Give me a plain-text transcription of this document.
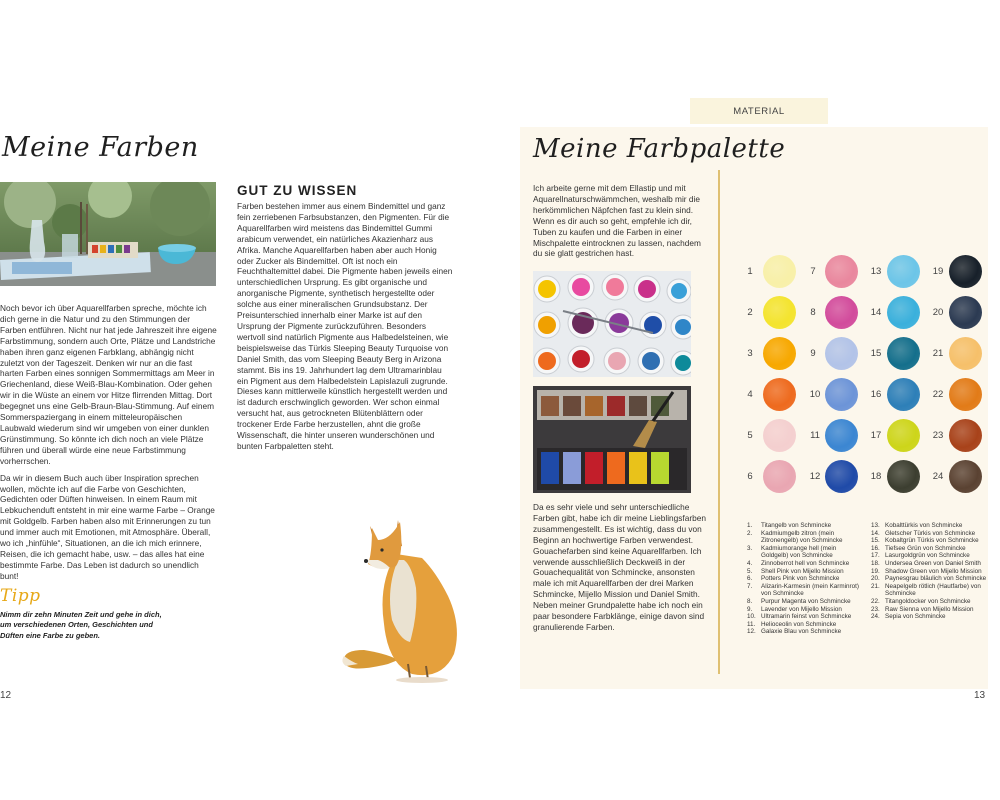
Meine Farben

Noch bevor ich über Aquarellfarben spreche, möchte ich dich gerne in die Natur und zu den Stimmungen der Farben entführen. Nicht nur hat jede Jahreszeit ihre eigene Farbstimmung, sondern auch Orte, Plätze und Landstriche haben ihren ganz eigenen Farbklang, abhängig nicht zuletzt von der Tageszeit. Denken wir nur an die fast harten Farben eines sonnigen Sommermittags am Meer in Griechenland, diese Weiß-Blau-Kombination. Oder gehen wir in die Wüste an einem vor Hitze flirrenden Mittag. Dort begegnet uns eine Gelb-Braun-Blau-Stimmung. Auf einem Sommerspaziergang in einem mitteleuropäischen Laubwald wiederum sind wir umgeben von einer dunklen Grünstimmung. So könnte ich dich noch an viele Plätze führen und überall würde eine neue Farbstimmung vorherrschen.

Da wir in diesem Buch auch über Inspiration sprechen wollen, möchte ich auf die Farbe von Geschichten, Gedichten oder Düften hinweisen. In einem Raum mit Lebkuchenduft entsteht in mir eine warme Farbe – Orange mit Goldgelb. Farben haben also mit Erinnerungen zu tun und immer auch mit Emotionen, mit Atmosphäre. Überall, wo ich „hinfühle“, Situationen, an die ich mich erinnere, Reisen, die ich gemacht habe, usw. – das alles hat eine bestimmte Farbe. Das Leben ist dadurch so unendlich bunt!

Tipp
Nimm dir zehn Minuten Zeit und gehe in dich, um verschiedenen Orten, Geschichten und Düften eine Farbe zu geben.
GUT ZU WISSEN
Farben bestehen immer aus einem Bindemittel und ganz fein zerriebenen Farbsubstanzen, den Pigmenten. Für die Aquarellfarben wird meistens das Bindemittel Gummi arabicum verwendet, ein natürliches Akazienharz aus Afrika. Manche Aquarellfarben haben aber auch Honig oder Zucker als Bindemittel. Oft ist noch ein Feuchthaltemittel dabei. Die Pigmente haben jeweils einen unterschiedlichen Ursprung. Es gibt organische und anorganische Pigmente, synthetisch hergestellte oder solche aus einer mineralischen Grundsubstanz. Der Preisunterschied innerhalb einer Marke ist auf den Ursprung der Pigmente zurückzuführen. Besonders wertvoll sind natürlich Pigmente aus Halbedelsteinen, wie beispielsweise das Türkis Sleeping Beauty Turquoise von Daniel Smith, das vom Sleeping Beauty Berg in Arizona stammt. Bis ins 19. Jahrhundert lag dem Ultramarinblau ein Pigment aus dem Halbedelstein Lapislazuli zugrunde. Dieses kann mittlerweile künstlich hergestellt werden und ist dadurch erschwinglich geworden. Wer schon einmal versucht hat, aus getrockneten Blütenblättern oder trockener Erde Farbe herzustellen, ahnt die große Wissenschaft, die hinter unseren wunderschönen und bunten Farbpaletten steht.
12
MATERIAL
Meine Farbpalette
Ich arbeite gerne mit dem Ellastip und mit Aquarellnaturschwämmchen, weshalb mir die herkömmlichen Näpfchen fast zu klein sind. Wenn es dir auch so geht, empfehle ich dir, Tuben zu kaufen und die Farben in einer Mischpalette eintrocknen zu lassen, nachdem du sie glatt gestrichen hast.
Da es sehr viele und sehr unterschiedliche Farben gibt, habe ich dir meine Lieblingsfarben zusammengestellt. Es ist wichtig, dass du von Beginn an hochwertige Farben verwendest. Gouachefarben sind keine Aquarellfarben. Ich verwende ausschließlich Deckweiß in der Gouachequalität von Schmincke, ansonsten male ich mit Aquarellfarben der drei Marken Schmincke, Mijello Mission und Daniel Smith. Neben meiner Grundpalette habe ich noch ein paar besondere Farbklänge, einige davon sind granulierende Farben.
1
2
3
4
5
6
7
8
9
10
11
12
13
14
15
16
17
18
19
20
21
22
23
24
1.	Titangelb von Schmincke
2.	Kadmiumgelb zitron (mein Zitronengelb) von Schmincke
3.	Kadmiumorange hell (mein Goldgelb) von Schmincke
4.	Zinnoberrot hell von Schmincke
5.	Shell Pink von Mijello Mission
6.	Potters Pink von Schmincke
7.	Alizarin-Karmesin (mein Karminrot) von Schmincke
8.	Purpur Magenta von Schmincke
9.	Lavender von Mijello Mission
10. Ultramarin feinst von Schmincke
11. Helioceolin von Schmincke
12. Galaxie Blau von Schmincke
13. Kobalttürkis von Schmincke
14. Gletscher Türkis von Schmincke
15. Kobaltgrün Türkis von Schmincke
16. Tiefsee Grün von Schmincke
17. Lasurgoldgrün von Schmincke
18. Undersea Green von Daniel Smith
19. Shadow Green von Mijello Mission
20. Paynesgrau bläulich von Schmincke
21. Neapelgelb rötlich (Hautfarbe) von Schmincke
22. Titangoldocker von Schmincke
23. Raw Sienna von Mijello Mission
24. Sepia von Schmincke
13
